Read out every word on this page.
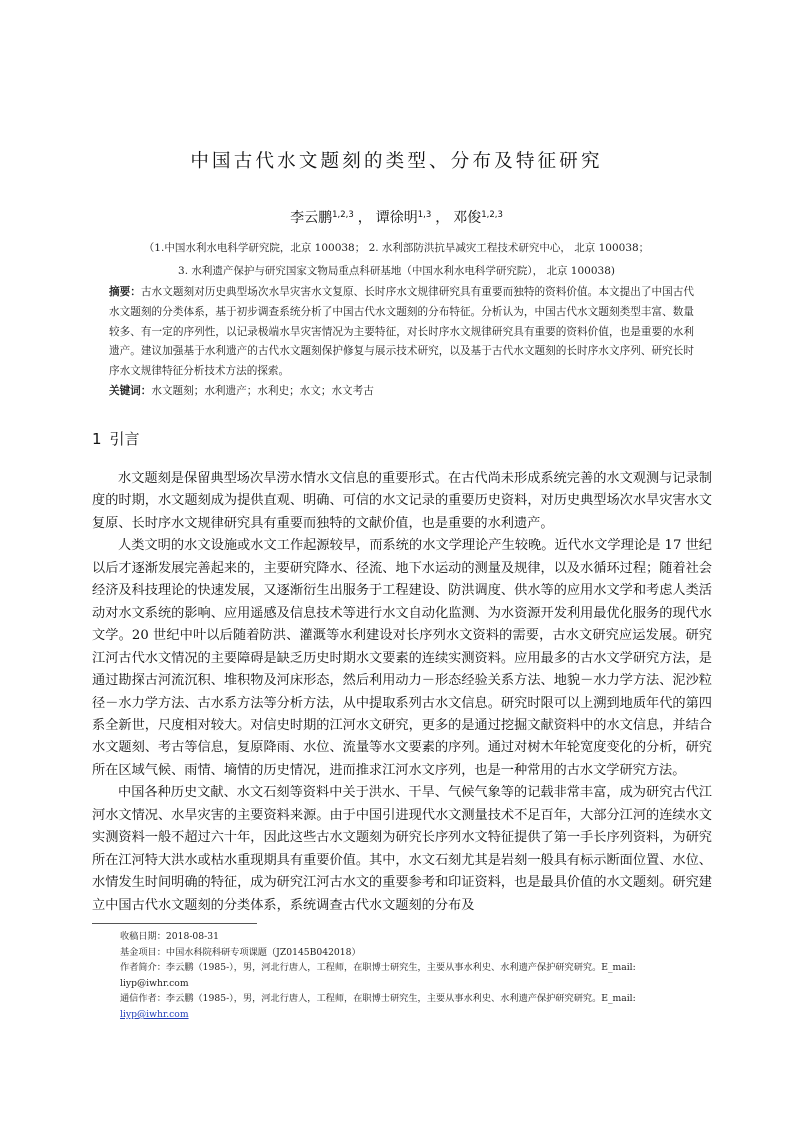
中国古代水文题刻的类型、分布及特征研究
李云鹏$^{1,2,3}$ ， 谭徐明$^{1,3}$ ， 邓俊$^{1,2,3}$
（1.中国水利水电科学研究院，北京 100038； 2. 水利部防洪抗旱减灾工程技术研究中心， 北京 100038；
3. 水利遗产保护与研究国家文物局重点科研基地（中国水利水电科学研究院）， 北京 100038)
摘要：古水文题刻对历史典型场次水旱灾害水文复原、长时序水文规律研究具有重要而独特的资料价值。本文提出了中国古代水文题刻的分类体系，基于初步调查系统分析了中国古代水文题刻的分布特征。分析认为，中国古代水文题刻类型丰富、数量较多、有一定的序列性，以记录极端水旱灾害情况为主要特征，对长时序水文规律研究具有重要的资料价值，也是重要的水利遗产。建议加强基于水利遗产的古代水文题刻保护修复与展示技术研究，以及基于古代水文题刻的长时序水文序列、研究长时序水文规律特征分析技术方法的探索。
关键词：水文题刻；水利遗产；水利史；水文；水文考古
1 引言

水文题刻是保留典型场次旱涝水情水文信息的重要形式。在古代尚未形成系统完善的水文观测与记录制度的时期，水文题刻成为提供直观、明确、可信的水文记录的重要历史资料，对历史典型场次水旱灾害水文复原、长时序水文规律研究具有重要而独特的文献价值，也是重要的水利遗产。

人类文明的水文设施或水文工作起源较早，而系统的水文学理论产生较晚。近代水文学理论是 17 世纪以后才逐渐发展完善起来的，主要研究降水、径流、地下水运动的测量及规律，以及水循环过程；随着社会经济及科技理论的快速发展，又逐渐衍生出服务于工程建设、防洪调度、供水等的应用水文学和考虑人类活动对水文系统的影响、应用遥感及信息技术等进行水文自动化监测、为水资源开发利用最优化服务的现代水文学。20 世纪中叶以后随着防洪、灌溉等水利建设对长序列水文资料的需要，古水文研究应运发展。研究江河古代水文情况的主要障碍是缺乏历史时期水文要素的连续实测资料。应用最多的古水文学研究方法，是通过勘探古河流沉积、堆积物及河床形态，然后利用动力－形态经验关系方法、地貌－水力学方法、泥沙粒径－水力学方法、古水系方法等分析方法，从中提取系列古水文信息。研究时限可以上溯到地质年代的第四系全新世，尺度相对较大。对信史时期的江河水文研究，更多的是通过挖掘文献资料中的水文信息，并结合水文题刻、考古等信息，复原降雨、水位、流量等水文要素的序列。通过对树木年轮宽度变化的分析，研究所在区域气候、雨情、墒情的历史情况，进而推求江河水文序列，也是一种常用的古水文学研究方法。

中国各种历史文献、水文石刻等资料中关于洪水、干旱、气候气象等的记载非常丰富，成为研究古代江河水文情况、水旱灾害的主要资料来源。由于中国引进现代水文测量技术不足百年，大部分江河的连续水文实测资料一般不超过六十年，因此这些古水文题刻为研究长序列水文特征提供了第一手长序列资料，为研究所在江河特大洪水或枯水重现期具有重要价值。其中，水文石刻尤其是岩刻一般具有标示断面位置、水位、水情发生时间明确的特征，成为研究江河古水文的重要参考和印证资料，也是最具价值的水文题刻。研究建立中国古代水文题刻的分类体系，系统调查古代水文题刻的分布及

收稿日期：2018-08-31
基金项目：中国水科院科研专项课题（JZ0145B042018）
作者简介：李云鹏（1985-），男，河北行唐人，工程师，在职博士研究生，主要从事水利史、水利遗产保护研究研究。E_mail:
liyp@iwhr.com
通信作者：李云鹏（1985-），男，河北行唐人，工程师，在职博士研究生，主要从事水利史、水利遗产保护研究研究。E_mail:
liyp@iwhr.com
